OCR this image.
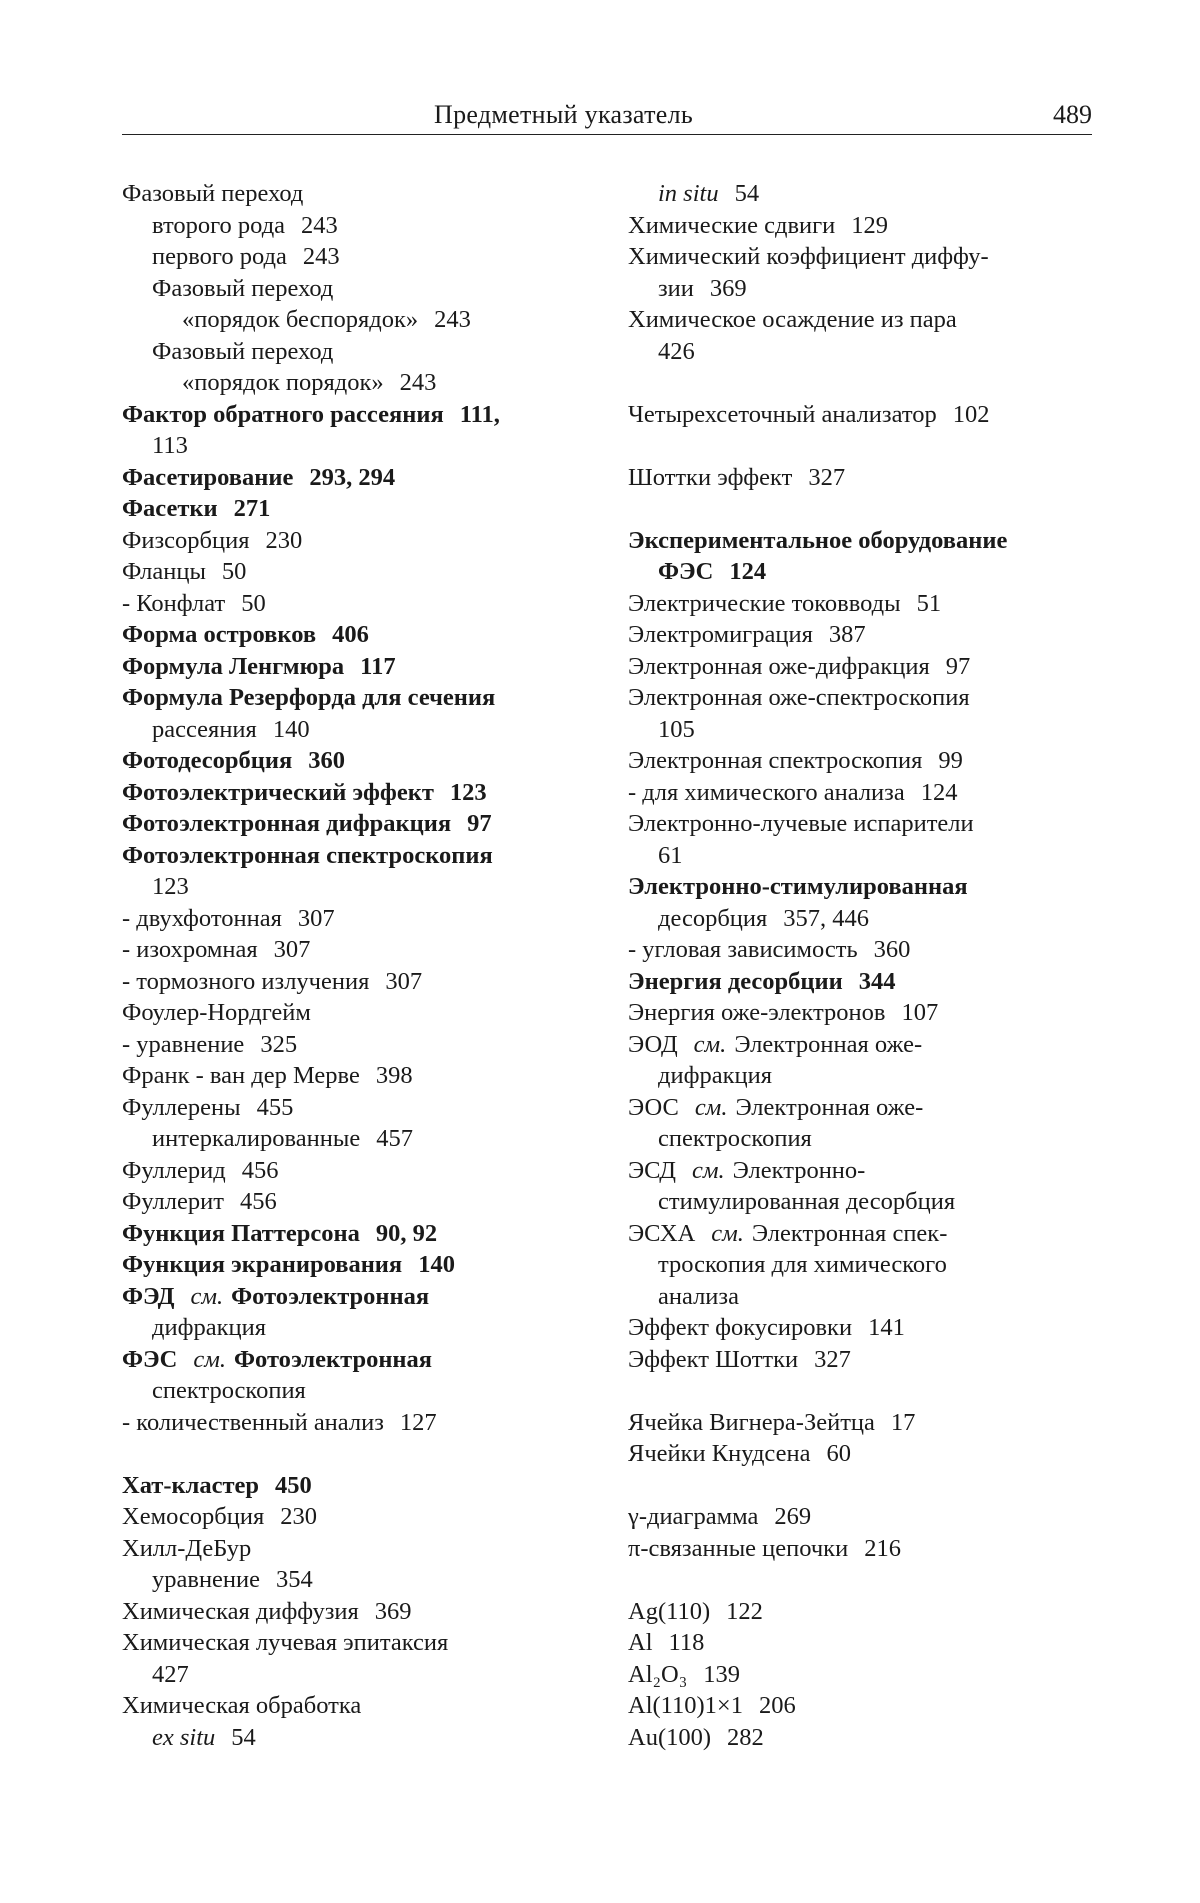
Предметный указатель	489
Фазовый переход
второго рода 243
первого рода 243
Фазовый переход
«порядок беспорядок» 243
Фазовый переход
«порядок порядок» 243
Фактор обратного рассеяния 111,
113
Фасетирование 293, 294
Фасетки 271
Физсорбция 230
Фланцы 50
- Конфлат 50
Форма островков 406
Формула Ленгмюра 117
Формула Резерфорда для сечения
рассеяния 140
Фотодесорбция 360
Фотоэлектрический эффект 123
Фотоэлектронная дифракция 97
Фотоэлектронная спектроскопия
123
- двухфотонная 307
- изохромная 307
- тормозного излучения 307
Фоулер-Нордгейм
- уравнение 325
Франк - ван дер Мерве 398
Фуллерены 455
интеркалированные 457
Фуллерид 456
Фуллерит 456
Функция Паттерсона 90, 92
Функция экранирования 140
ФЭД см. Фотоэлектронная
дифракция
ФЭС см. Фотоэлектронная
спектроскопия
- количественный анализ 127
Хат-кластер 450
Хемосорбция 230
Хилл-ДеБур
уравнение 354
Химическая диффузия 369
Химическая лучевая эпитаксия
427
Химическая обработка
ex situ 54
in situ 54
Химические сдвиги 129
Химический коэффициент диффу-
зии 369
Химическое осаждение из пара
426
Четырехсеточный анализатор 102
Шоттки эффект 327
Экспериментальное оборудование
ФЭС 124
Электрические токовводы 51
Электромиграция 387
Электронная оже-дифракция 97
Электронная оже-спектроскопия
105
Электронная спектроскопия 99
- для химического анализа 124
Электронно-лучевые испарители
61
Электронно-стимулированная
десорбция 357, 446
- угловая зависимость 360
Энергия десорбции 344
Энергия оже-электронов 107
ЭОД см. Электронная оже-
дифракция
ЭОС см. Электронная оже-
спектроскопия
ЭСД см. Электронно-
стимулированная десорбция
ЭСХА см. Электронная спек-
троскопия для химического
анализа
Эффект фокусировки 141
Эффект Шоттки 327
Ячейка Вигнера-Зейтца 17
Ячейки Кнудсена 60
γ-диаграмма 269
π-связанные цепочки 216
Ag(110) 122
Al 118
Al₂O₃ 139
Al(110)1×1 206
Au(100) 282
